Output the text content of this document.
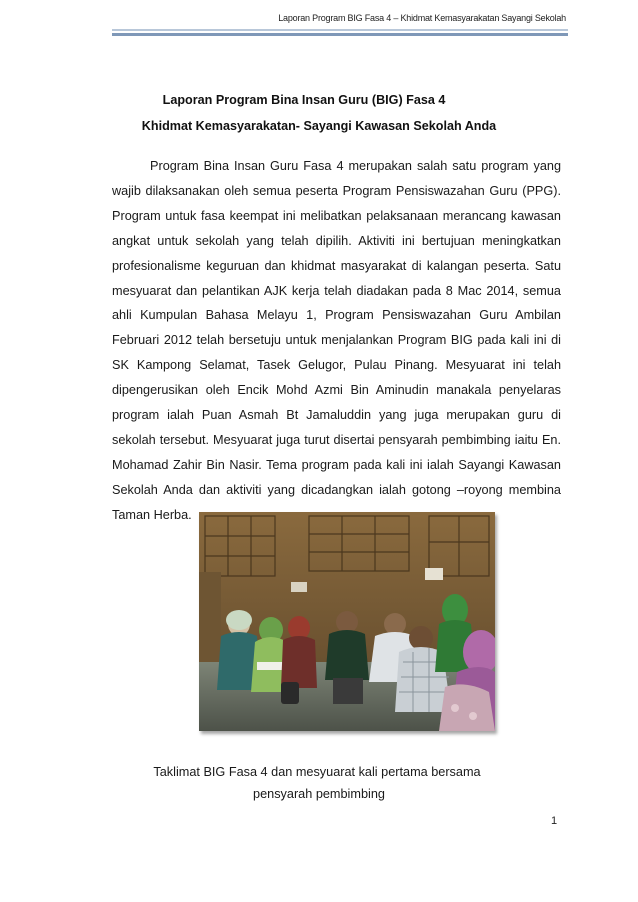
Laporan Program BIG Fasa 4 – Khidmat Kemasyarakatan Sayangi Sekolah
Laporan Program Bina Insan Guru (BIG) Fasa 4
Khidmat Kemasyarakatan- Sayangi Kawasan Sekolah Anda

Program Bina Insan Guru Fasa 4 merupakan salah satu program yang wajib dilaksanakan oleh semua peserta Program Pensiswazahan Guru (PPG). Program untuk fasa keempat ini melibatkan pelaksanaan merancang kawasan angkat untuk sekolah yang telah dipilih. Aktiviti ini bertujuan meningkatkan profesionalisme keguruan dan khidmat masyarakat di kalangan peserta. Satu mesyuarat dan pelantikan AJK kerja telah diadakan pada 8 Mac 2014, semua ahli Kumpulan Bahasa Melayu 1, Program Pensiswazahan Guru Ambilan Februari 2012 telah bersetuju untuk menjalankan Program BIG pada kali ini di SK Kampong Selamat, Tasek Gelugor, Pulau Pinang. Mesyuarat ini telah dipengerusikan oleh Encik Mohd Azmi Bin Aminudin manakala penyelaras program ialah Puan Asmah Bt Jamaluddin yang juga merupakan guru di sekolah tersebut. Mesyuarat juga turut disertai pensyarah pembimbing iaitu En. Mohamad Zahir Bin Nasir. Tema program pada kali ini ialah Sayangi Kawasan Sekolah Anda dan aktiviti yang dicadangkan ialah gotong –royong membina Taman Herba.

Taklimat BIG Fasa 4 dan mesyuarat kali pertama bersama
pensyarah pembimbing
1
